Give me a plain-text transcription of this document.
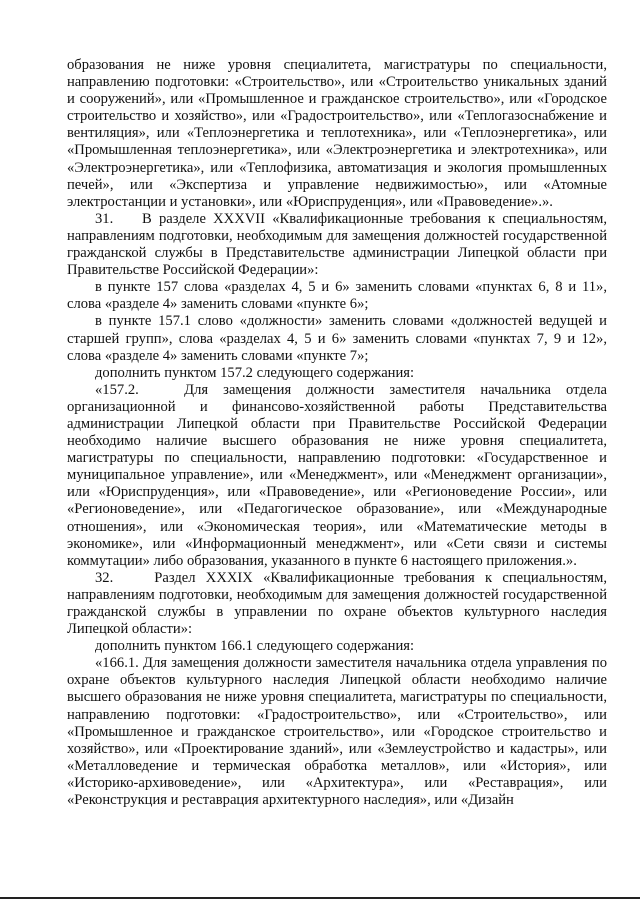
образования не ниже уровня специалитета, магистратуры по специальности, направлению подготовки: «Строительство», или «Строительство уникальных зданий и сооружений», или «Промышленное и гражданское строительство», или «Городское строительство и хозяйство», или «Градостроительство», или «Теплогазоснабжение и вентиляция», или «Теплоэнергетика и теплотехника», или «Теплоэнергетика», или «Промышленная теплоэнергетика», или «Электроэнергетика и электротехника», или «Электроэнергетика», или «Теплофизика, автоматизация и экология промышленных печей», или «Экспертиза и управление недвижимостью», или «Атомные электростанции и установки», или «Юриспруденция», или «Правоведение».».

31.    В разделе XXXVII «Квалификационные требования к специальностям, направлениям подготовки, необходимым для замещения должностей государственной гражданской службы в Представительстве администрации Липецкой области при Правительстве Российской Федерации»:

в пункте 157 слова «разделах 4, 5 и 6» заменить словами «пунктах 6, 8 и 11», слова «разделе 4» заменить словами «пункте 6»;

в пункте 157.1 слово «должности» заменить словами «должностей ведущей и старшей групп», слова «разделах 4, 5 и 6» заменить словами «пунктах 7, 9 и 12», слова «разделе 4» заменить словами «пункте 7»;

дополнить пунктом 157.2 следующего содержания:

«157.2.   Для замещения должности заместителя начальника отдела организационной и финансово-хозяйственной работы Представительства администрации Липецкой области при Правительстве Российской Федерации необходимо наличие высшего образования не ниже уровня специалитета, магистратуры по специальности, направлению подготовки: «Государственное и муниципальное управление», или «Менеджмент», или «Менеджмент организации», или «Юриспруденция», или «Правоведение», или «Регионоведение России», или «Регионоведение», или «Педагогическое образование», или «Международные отношения», или «Экономическая теория», или «Математические методы в экономике», или «Информационный менеджмент», или «Сети связи и системы коммутации» либо образования, указанного в пункте 6 настоящего приложения.».

32.    Раздел XXXIX «Квалификационные требования к специальностям, направлениям подготовки, необходимым для замещения должностей государственной гражданской службы в управлении по охране объектов культурного наследия Липецкой области»:

дополнить пунктом 166.1 следующего содержания:

«166.1. Для замещения должности заместителя начальника отдела управления по охране объектов культурного наследия Липецкой области необходимо наличие высшего образования не ниже уровня специалитета, магистратуры по специальности, направлению подготовки: «Градостроительство», или «Строительство», или «Промышленное и гражданское строительство», или «Городское строительство и хозяйство», или «Проектирование зданий», или «Землеустройство и кадастры», или «Металловедение и термическая обработка металлов», или «История», или «Историко-архивоведение», или «Архитектура», или «Реставрация», или «Реконструкция и реставрация архитектурного наследия», или «Дизайн
